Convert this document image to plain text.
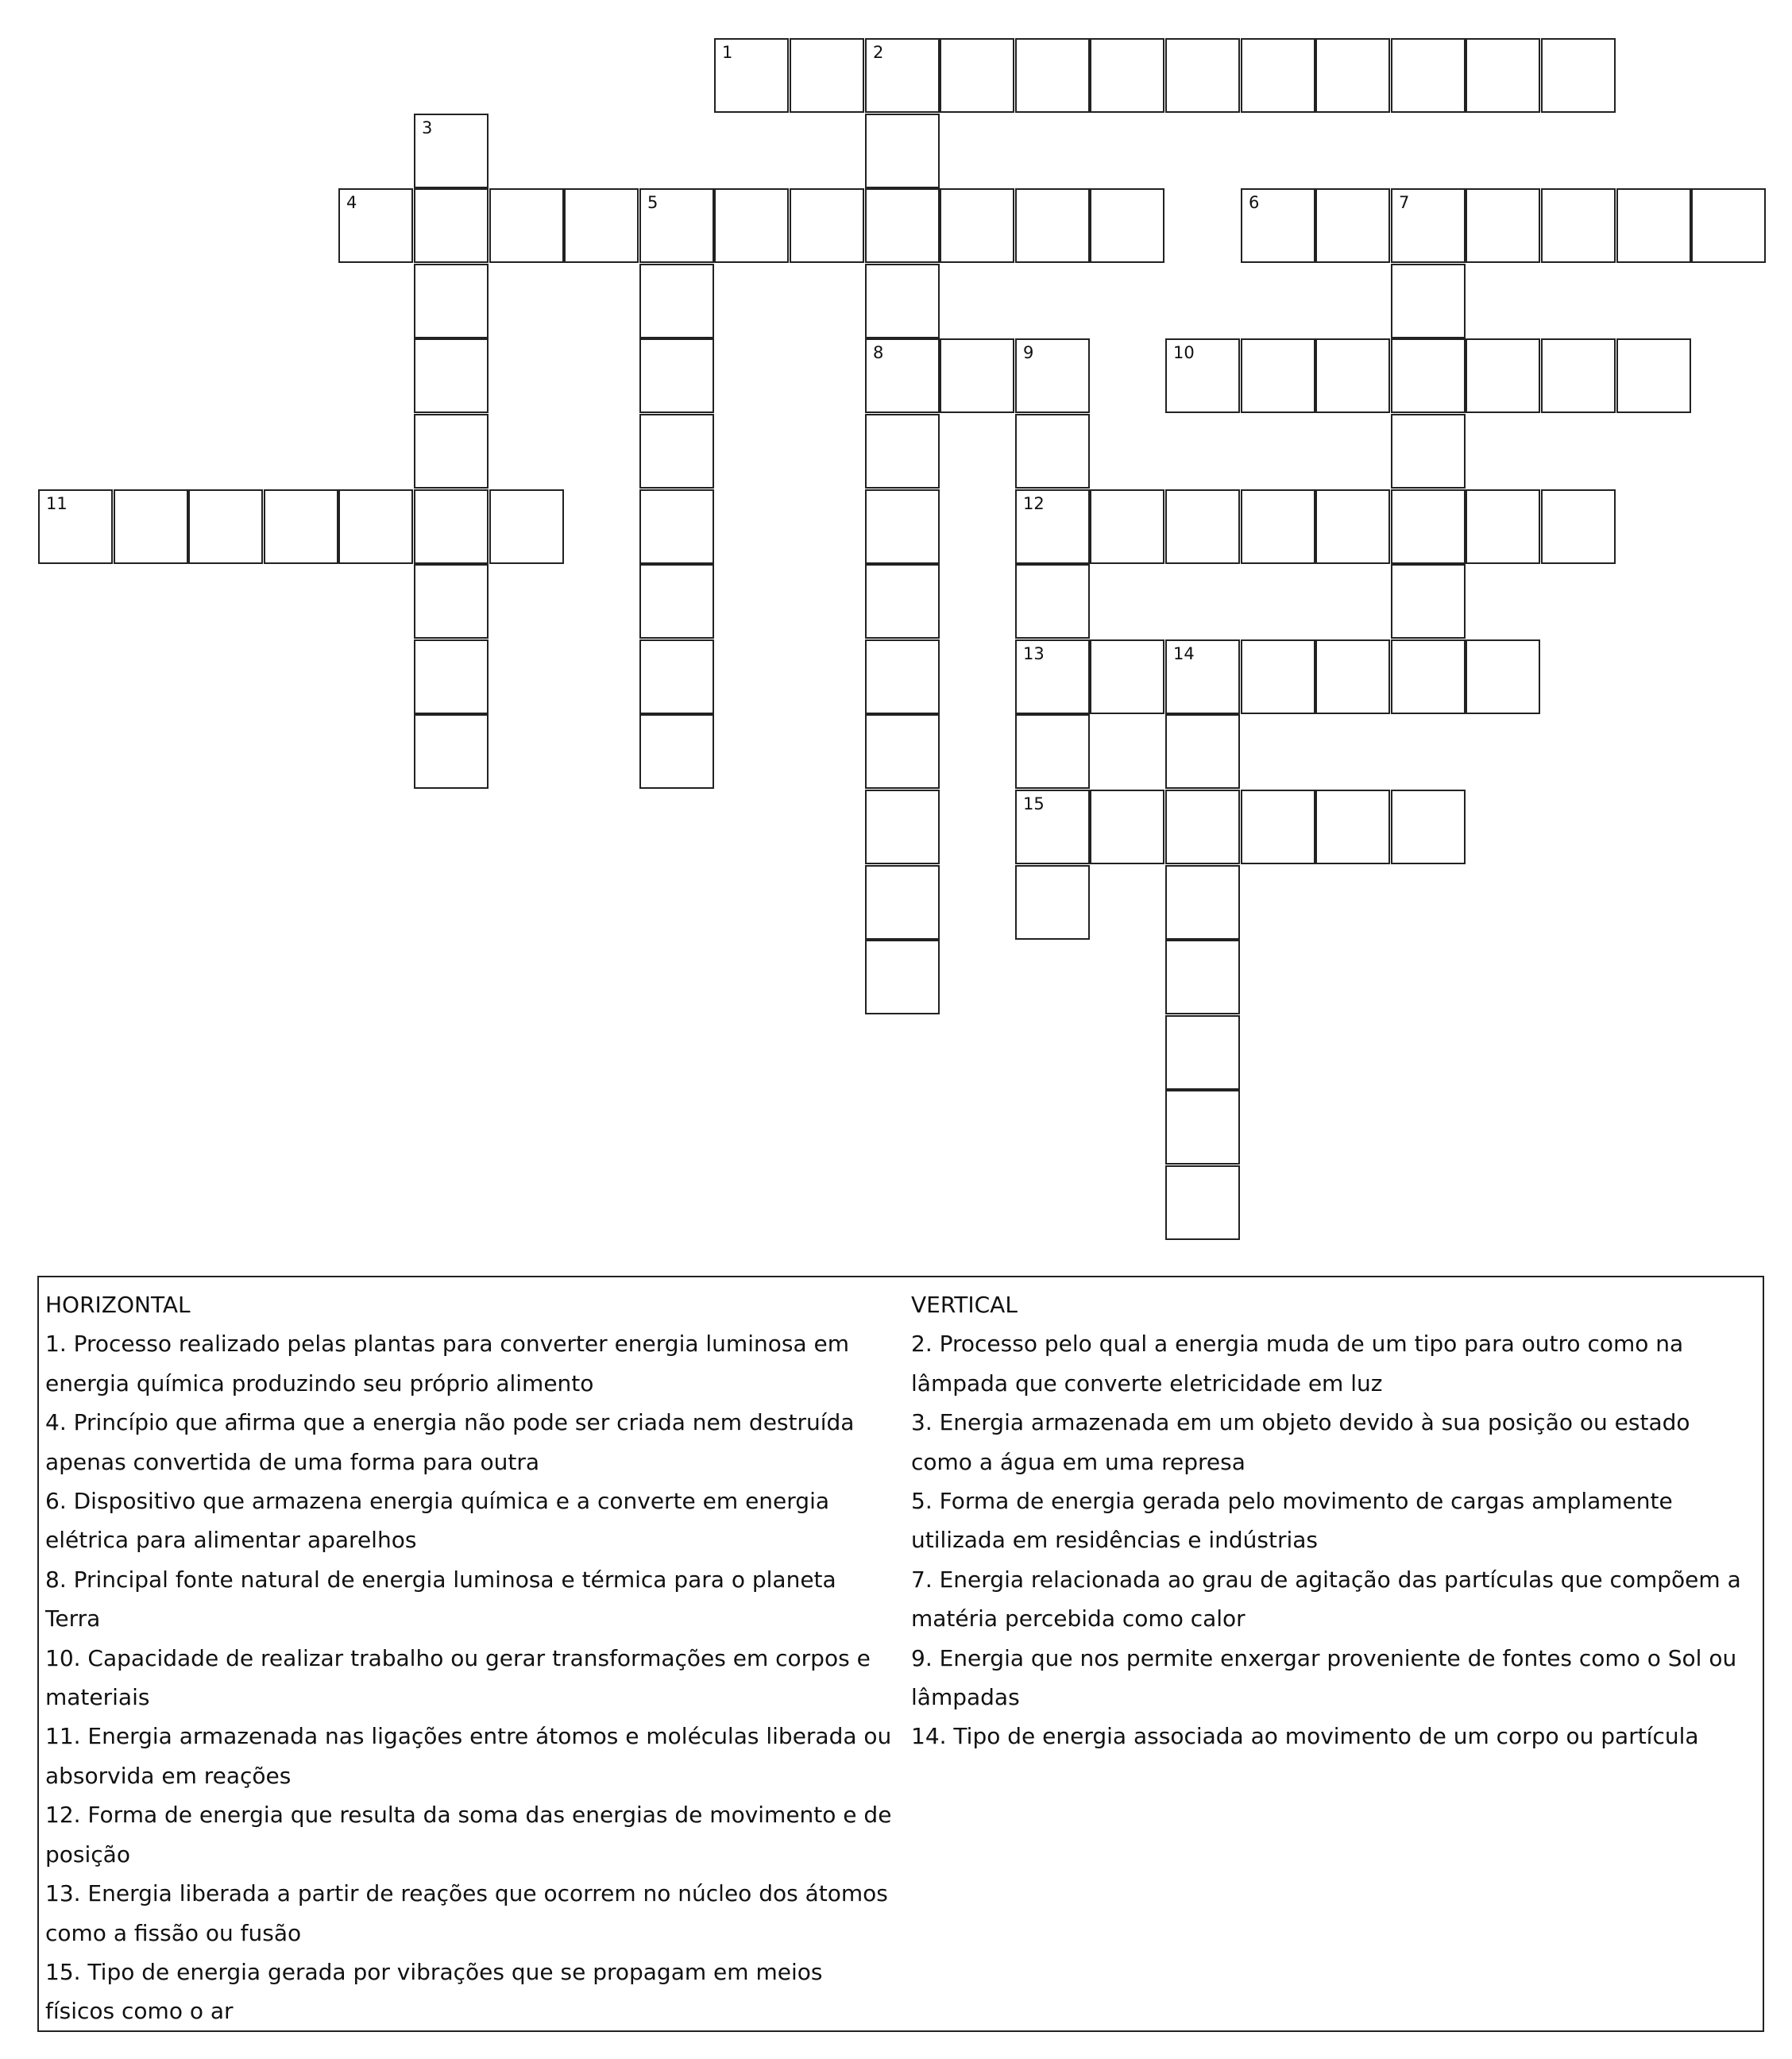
1	2
4	5	6	7
8	9	10
11	12
13	14
15
3
HORIZONTAL
1. Processo realizado pelas plantas para converter energia luminosa em energia química produzindo seu próprio alimento
4. Princípio que afirma que a energia não pode ser criada nem destruída apenas convertida de uma forma para outra
6. Dispositivo que armazena energia química e a converte em energia elétrica para alimentar aparelhos
8. Principal fonte natural de energia luminosa e térmica para o planeta Terra
10. Capacidade de realizar trabalho ou gerar transformações em corpos e materiais
11. Energia armazenada nas ligações entre átomos e moléculas liberada ou absorvida em reações
12. Forma de energia que resulta da soma das energias de movimento e de posição
13. Energia liberada a partir de reações que ocorrem no núcleo dos átomos como a fissão ou fusão
15. Tipo de energia gerada por vibrações que se propagam em meios físicos como o ar
VERTICAL
2. Processo pelo qual a energia muda de um tipo para outro como na lâmpada que converte eletricidade em luz
3. Energia armazenada em um objeto devido à sua posição ou estado como a água em uma represa
5. Forma de energia gerada pelo movimento de cargas amplamente utilizada em residências e indústrias
7. Energia relacionada ao grau de agitação das partículas que compõem a matéria percebida como calor
9. Energia que nos permite enxergar proveniente de fontes como o Sol ou lâmpadas
14. Tipo de energia associada ao movimento de um corpo ou partícula
